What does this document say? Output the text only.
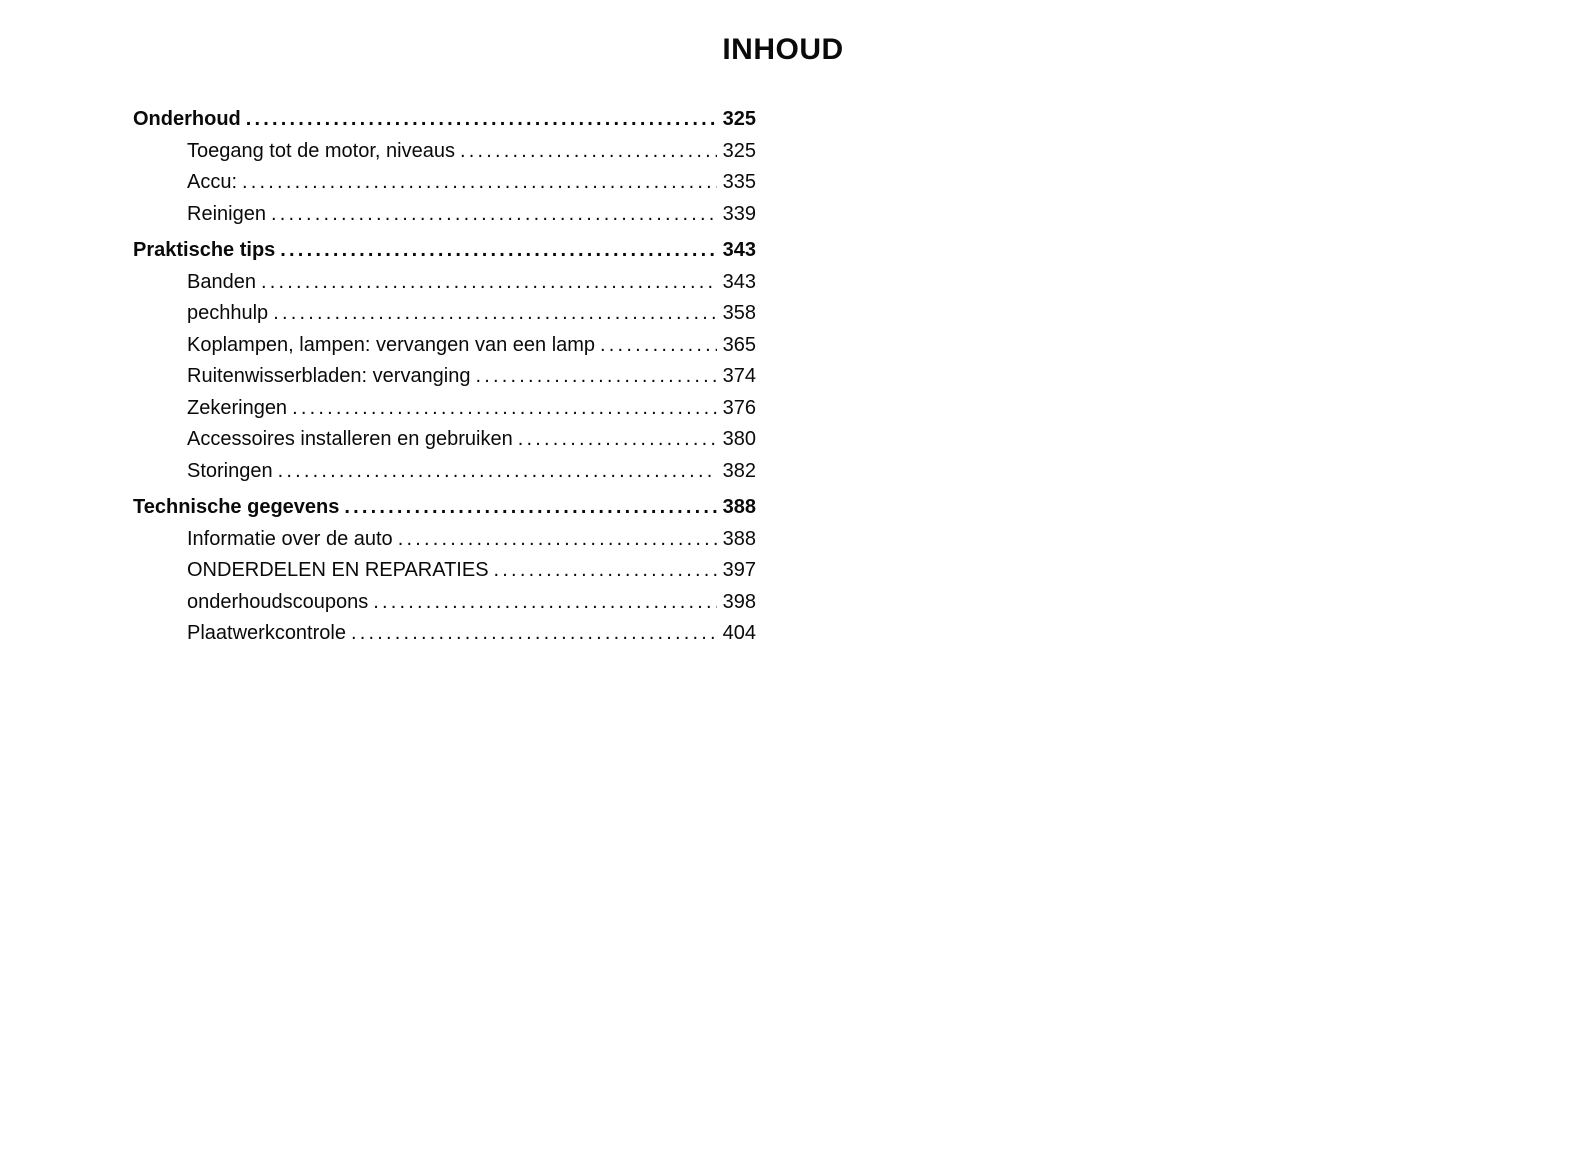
INHOUD
Onderhoud .....	325
Toegang tot de motor, niveaus .....	325
Accu: .....	335
Reinigen .....	339
Praktische tips .....	343
Banden .....	343
pechhulp .....	358
Koplampen, lampen: vervangen van een lamp .....	365
Ruitenwisserbladen: vervanging .....	374
Zekeringen .....	376
Accessoires installeren en gebruiken .....	380
Storingen .....	382
Technische gegevens .....	388
Informatie over de auto .....	388
ONDERDELEN EN REPARATIES .....	397
onderhoudscoupons .....	398
Plaatwerkcontrole .....	404
